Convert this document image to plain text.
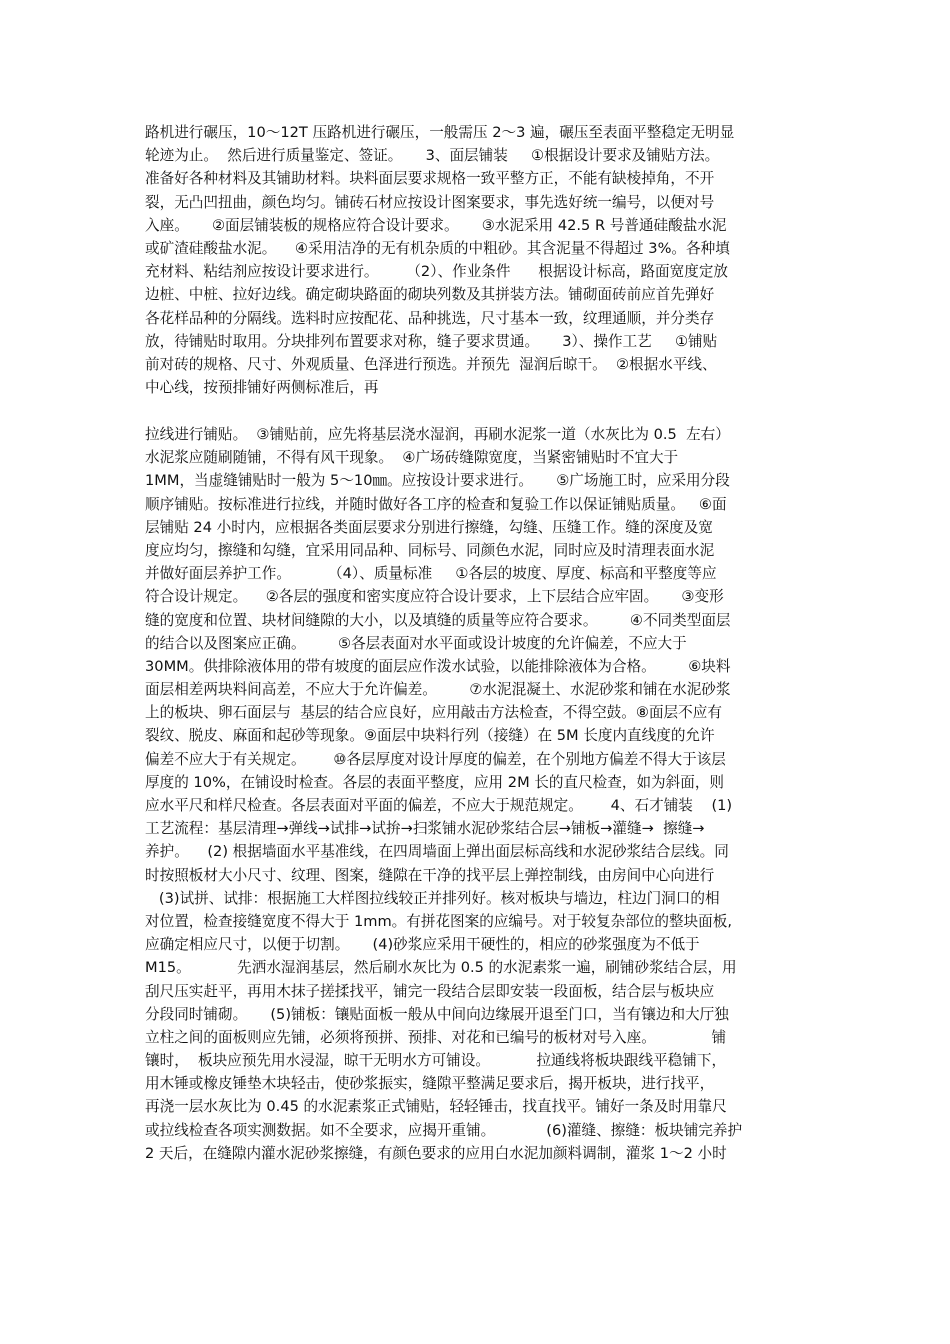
路机进行碾压，10～12T 压路机进行碾压，一般需压 2～3 遍，碾压至表面平整稳定无明显
轮迹为止。  然后进行质量鉴定、签证。     3、面层铺装     ①根据设计要求及铺贴方法。
准备好各种材料及其铺助材料。块料面层要求规格一致平整方正，不能有缺棱掉角，不开
裂，无凸凹扭曲，颜色均匀。铺砖石材应按设计图案要求，事先选好统一编号，以便对号
入座。     ②面层铺装板的规格应符合设计要求。     ③水泥采用 42.5 R 号普通硅酸盐水泥
或矿渣硅酸盐水泥。    ④采用洁净的无有机杂质的中粗砂。其含泥量不得超过 3%。各种填
充材料、粘结剂应按设计要求进行。      （2）、作业条件      根据设计标高，路面宽度定放
边桩、中桩、拉好边线。确定砌块路面的砌块列数及其拼装方法。铺砌面砖前应首先弹好
各花样品种的分隔线。选料时应按配花、品种挑选，尺寸基本一致，纹理通顺，并分类存
放，待铺贴时取用。分块排列布置要求对称，缝子要求贯通。     3）、操作工艺     ①铺贴
前对砖的规格、尺寸、外观质量、色泽进行预选。并预先  湿润后晾干。  ②根据水平线、
中心线，按预排铺好两侧标准后，再
拉线进行铺贴。  ③铺贴前，应先将基层浇水湿润，再刷水泥浆一道（水灰比为 0.5  左右）
水泥浆应随刷随铺，不得有风干现象。  ④广场砖缝隙宽度，当紧密铺贴时不宜大于
1MM，当虚缝铺贴时一般为 5～10㎜。应按设计要求进行。     ⑤广场施工时，应采用分段
顺序铺贴。按标准进行拉线，并随时做好各工序的检查和复验工作以保证铺贴质量。   ⑥面
层铺贴 24 小时内，应根据各类面层要求分别进行擦缝，勾缝、压缝工作。缝的深度及宽
度应均匀，擦缝和勾缝，宜采用同品种、同标号、同颜色水泥，同时应及时清理表面水泥
并做好面层养护工作。        （4）、质量标准     ①各层的坡度、厚度、标高和平整度等应
符合设计规定。    ②各层的强度和密实度应符合设计要求，上下层结合应牢固。     ③变形
缝的宽度和位置、块材间缝隙的大小，以及填缝的质量等应符合要求。       ④不同类型面层
的结合以及图案应正确。       ⑤各层表面对水平面或设计坡度的允许偏差，不应大于
30MM。供排除液体用的带有坡度的面层应作泼水试验，以能排除液体为合格。       ⑥块料
面层相差两块料间高差，不应大于允许偏差。       ⑦水泥混凝土、水泥砂浆和铺在水泥砂浆
上的板块、卵石面层与  基层的结合应良好，应用敲击方法检查，不得空鼓。⑧面层不应有
裂纹、脱皮、麻面和起砂等现象。⑨面层中块料行列（接缝）在 5M 长度内直线度的允许
偏差不应大于有关规定。      ⑩各层厚度对设计厚度的偏差，在个别地方偏差不得大于该层
厚度的 10%，在铺设时检查。各层的表面平整度，应用 2M 长的直尺检查，如为斜面，则
应水平尺和样尺检查。各层表面对平面的偏差，不应大于规范规定。      4、石才铺装    (1)
工艺流程：基层清理→弹线→试排→试拚→扫浆铺水泥砂浆结合层→铺板→灌缝→  擦缝→
养护。    (2) 根据墙面水平基准线，在四周墙面上弹出面层标高线和水泥砂浆结合层线。同
时按照板材大小尺寸、纹理、图案，缝隙在干净的找平层上弹控制线，由房间中心向进行
(3)试拼、试排：根据施工大样图拉线较正并排列好。核对板块与墙边，柱边门洞口的相
对位置，检查接缝宽度不得大于 1mm。有拼花图案的应编号。对于较复杂部位的整块面板,
应确定相应尺寸，以便于切割。     (4)砂浆应采用干硬性的，相应的砂浆强度为不低于
M15。          先洒水湿润基层，然后刷水灰比为 0.5 的水泥素浆一遍，刷铺砂浆结合层，用
刮尺压实赶平，再用木抹子搓揉找平，铺完一段结合层即安装一段面板，结合层与板块应
分段同时铺砌。     (5)铺板：镶贴面板一般从中间向边缘展开退至门口，当有镶边和大厅独
立柱之间的面板则应先铺，必须将预拼、预排、对花和已编号的板材对号入座。            铺
镶时，  板块应预先用水浸湿，晾干无明水方可铺设。          拉通线将板块跟线平稳铺下，
用木锤或橡皮锤垫木块轻击，使砂浆振实，缝隙平整满足要求后，揭开板块，进行找平，
再浇一层水灰比为 0.45 的水泥素浆正式铺贴，轻轻锤击，找直找平。铺好一条及时用靠尺
或拉线检查各项实测数据。如不全要求，应揭开重铺。           (6)灌缝、擦缝：板块铺完养护
2 天后，在缝隙内灌水泥砂浆擦缝，有颜色要求的应用白水泥加颜料调制，灌浆 1～2 小时
